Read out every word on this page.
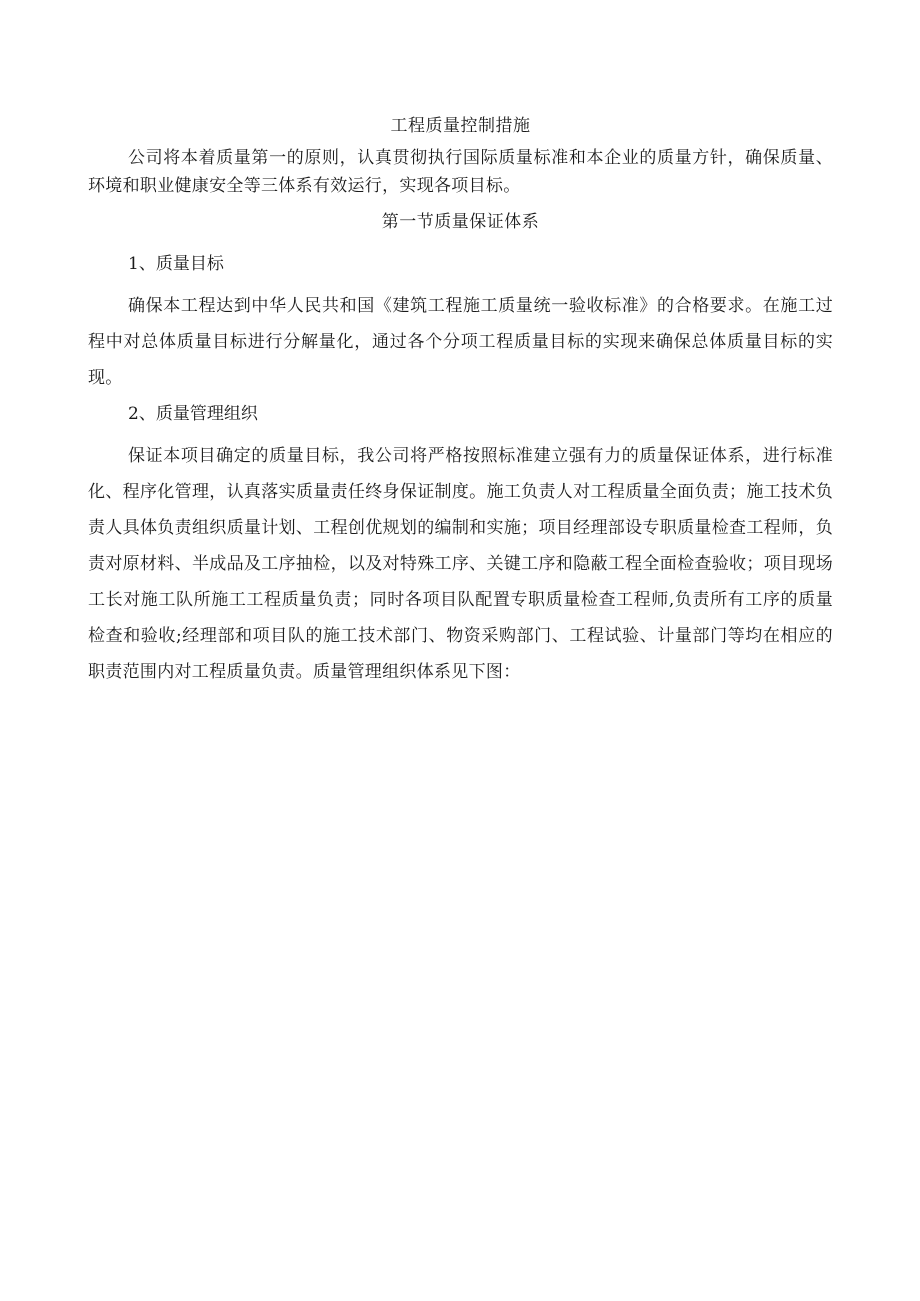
工程质量控制措施

公司将本着质量第一的原则，认真贯彻执行国际质量标准和本企业的质量方针，确保质量、环境和职业健康安全等三体系有效运行，实现各项目标。

第一节质量保证体系
1、质量目标

确保本工程达到中华人民共和国《建筑工程施工质量统一验收标准》的合格要求。在施工过程中对总体质量目标进行分解量化，通过各个分项工程质量目标的实现来确保总体质量目标的实现。

2、质量管理组织

保证本项目确定的质量目标，我公司将严格按照标准建立强有力的质量保证体系，进行标准化、程序化管理，认真落实质量责任终身保证制度。施工负责人对工程质量全面负责；施工技术负责人具体负责组织质量计划、工程创优规划的编制和实施；项目经理部设专职质量检查工程师，负责对原材料、半成品及工序抽检，以及对特殊工序、关键工序和隐蔽工程全面检查验收；项目现场工长对施工队所施工工程质量负责；同时各项目队配置专职质量检查工程师,负责所有工序的质量检查和验收;经理部和项目队的施工技术部门、物资采购部门、工程试验、计量部门等均在相应的职责范围内对工程质量负责。质量管理组织体系见下图：
